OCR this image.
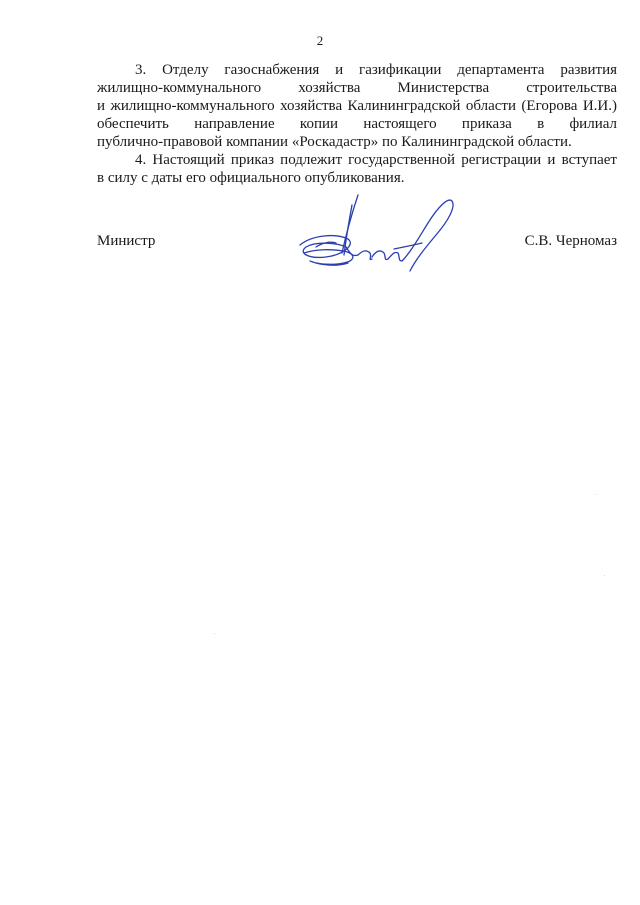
2
3. Отделу газоснабжения и газификации департамента развития
жилищно-коммунального хозяйства Министерства строительства
и жилищно-коммунального хозяйства Калининградской области (Егорова И.И.)
обеспечить направление копии настоящего приказа в филиал
публично-правовой компании «Роскадастр» по Калининградской области.
4. Настоящий приказ подлежит государственной регистрации и вступает
в силу с даты его официального опубликования.
Министр	С.В. Черномаз
